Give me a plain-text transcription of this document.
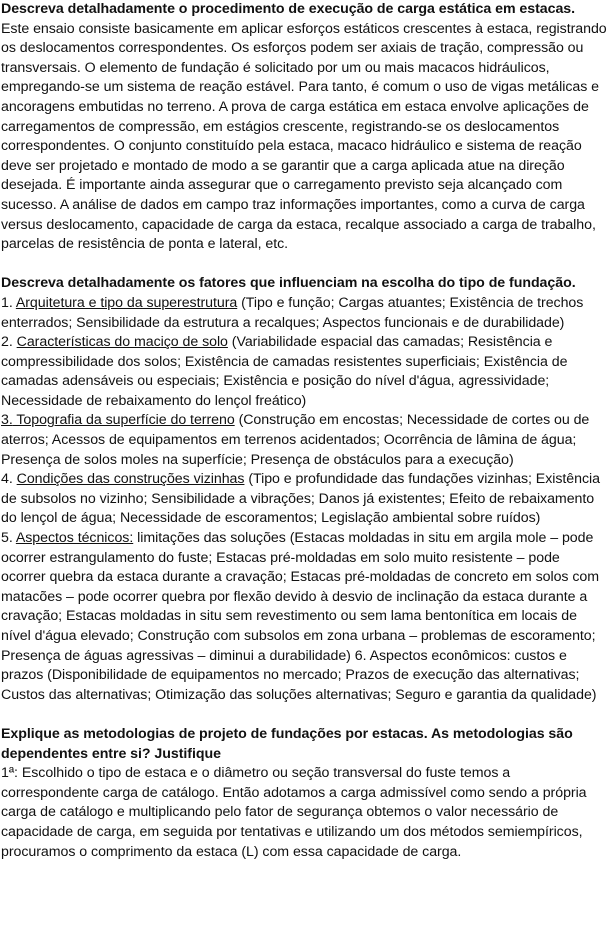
Descreva detalhadamente o procedimento de execução de carga estática em estacas.

Este ensaio consiste basicamente em aplicar esforços estáticos crescentes à estaca, registrando os deslocamentos correspondentes. Os esforços podem ser axiais de tração, compressão ou transversais. O elemento de fundação é solicitado por um ou mais macacos hidráulicos, empregando-se um sistema de reação estável. Para tanto, é comum o uso de vigas metálicas e ancoragens embutidas no terreno. A prova de carga estática em estaca envolve aplicações de carregamentos de compressão, em estágios crescente, registrando-se os deslocamentos correspondentes. O conjunto constituído pela estaca, macaco hidráulico e sistema de reação deve ser projetado e montado de modo a se garantir que a carga aplicada atue na direção desejada. É importante ainda assegurar que o carregamento previsto seja alcançado com sucesso. A análise de dados em campo traz informações importantes, como a curva de carga versus deslocamento, capacidade de carga da estaca, recalque associado a carga de trabalho, parcelas de resistência de ponta e lateral, etc.

Descreva detalhadamente os fatores que influenciam na escolha do tipo de fundação.

1. Arquitetura e tipo da superestrutura (Tipo e função; Cargas atuantes; Existência de trechos enterrados; Sensibilidade da estrutura a recalques; Aspectos funcionais e de durabilidade)

2. Características do maciço de solo (Variabilidade espacial das camadas; Resistência e compressibilidade dos solos; Existência de camadas resistentes superficiais; Existência de camadas adensáveis ou especiais; Existência e posição do nível d'água, agressividade; Necessidade de rebaixamento do lençol freático)

3. Topografia da superfície do terreno (Construção em encostas; Necessidade de cortes ou de aterros; Acessos de equipamentos em terrenos acidentados; Ocorrência de lâmina de água; Presença de solos moles na superfície; Presença de obstáculos para a execução)

4. Condições das construções vizinhas (Tipo e profundidade das fundações vizinhas; Existência de subsolos no vizinho; Sensibilidade a vibrações; Danos já existentes; Efeito de rebaixamento do lençol de água; Necessidade de escoramentos; Legislação ambiental sobre ruídos)

5. Aspectos técnicos: limitações das soluções (Estacas moldadas in situ em argila mole – pode ocorrer estrangulamento do fuste; Estacas pré-moldadas em solo muito resistente – pode ocorrer quebra da estaca durante a cravação; Estacas pré-moldadas de concreto em solos com matacões – pode ocorrer quebra por flexão devido à desvio de inclinação da estaca durante a cravação; Estacas moldadas in situ sem revestimento ou sem lama bentonítica em locais de nível d'água elevado; Construção com subsolos em zona urbana – problemas de escoramento; Presença de águas agressivas – diminui a durabilidade) 6. Aspectos econômicos: custos e prazos (Disponibilidade de equipamentos no mercado; Prazos de execução das alternativas; Custos das alternativas; Otimização das soluções alternativas; Seguro e garantia da qualidade)

Explique as metodologias de projeto de fundações por estacas. As metodologias são dependentes entre si? Justifique

1ª: Escolhido o tipo de estaca e o diâmetro ou seção transversal do fuste temos a correspondente carga de catálogo. Então adotamos a carga admissível como sendo a própria carga de catálogo e multiplicando pelo fator de segurança obtemos o valor necessário de capacidade de carga, em seguida por tentativas e utilizando um dos métodos semiempíricos, procuramos o comprimento da estaca (L) com essa capacidade de carga.
